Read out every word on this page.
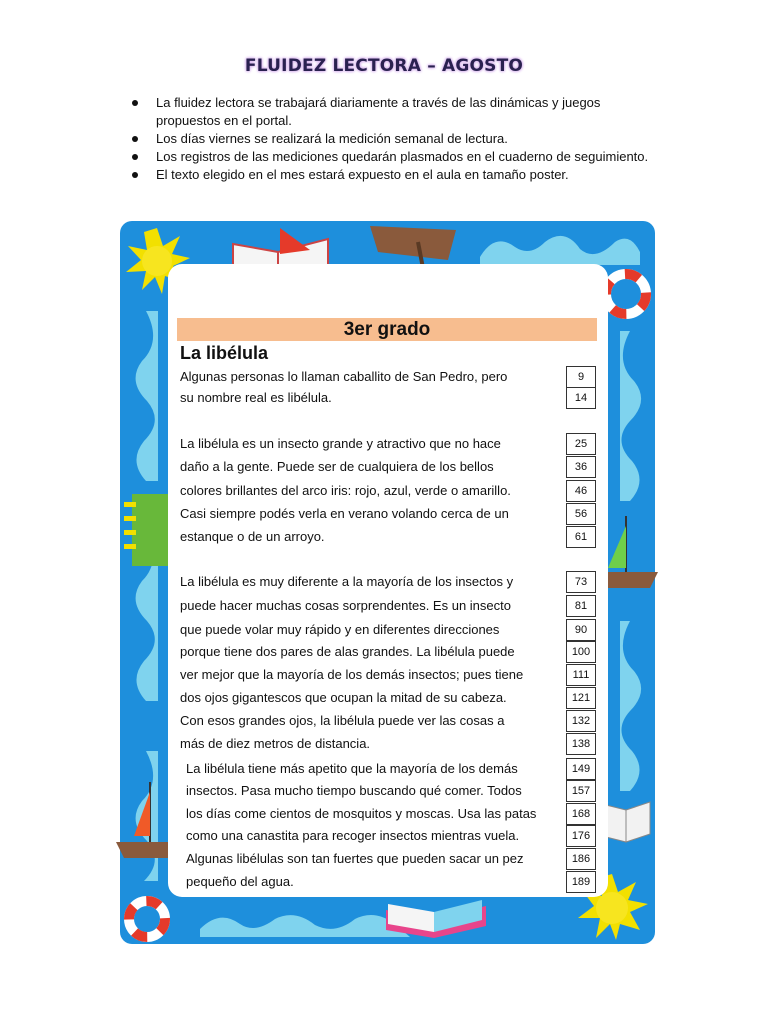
FLUIDEZ LECTORA – AGOSTO
La fluidez lectora se trabajará diariamente a través de las dinámicas y juegos propuestos en el portal.
Los días viernes se realizará la medición semanal de lectura.
Los registros de las mediciones quedarán plasmados en el cuaderno de seguimiento.
El texto elegido en el mes estará expuesto en el aula en tamaño poster.
3er grado
La libélula
Algunas personas lo llaman caballito de San Pedro, pero	9
su nombre real es libélula.	14
La libélula es un insecto grande y atractivo que no hace	25
daño a la gente. Puede ser de cualquiera de los bellos	36
colores brillantes del arco iris: rojo, azul, verde o amarillo.	46
Casi siempre podés verla en verano volando cerca de un	56
estanque o de un arroyo.	61
La libélula es muy diferente a la mayoría de los insectos y	73
puede hacer muchas cosas sorprendentes. Es un insecto	81
que puede volar muy rápido y en diferentes direcciones	90
porque tiene dos pares de alas grandes. La libélula puede	100
ver mejor que la mayoría de los demás insectos; pues tiene	111
dos ojos gigantescos que ocupan la mitad de su cabeza.	121
Con esos grandes ojos, la libélula puede ver las cosas a	132
más de diez metros de distancia.	138
La libélula tiene más apetito que la mayoría de los demás	149
insectos. Pasa mucho tiempo buscando qué comer. Todos	157
los días come cientos de mosquitos y moscas. Usa las patas	168
como una canastita para recoger insectos mientras vuela.	176
Algunas libélulas son tan fuertes que pueden sacar un pez	186
pequeño del agua.	189
